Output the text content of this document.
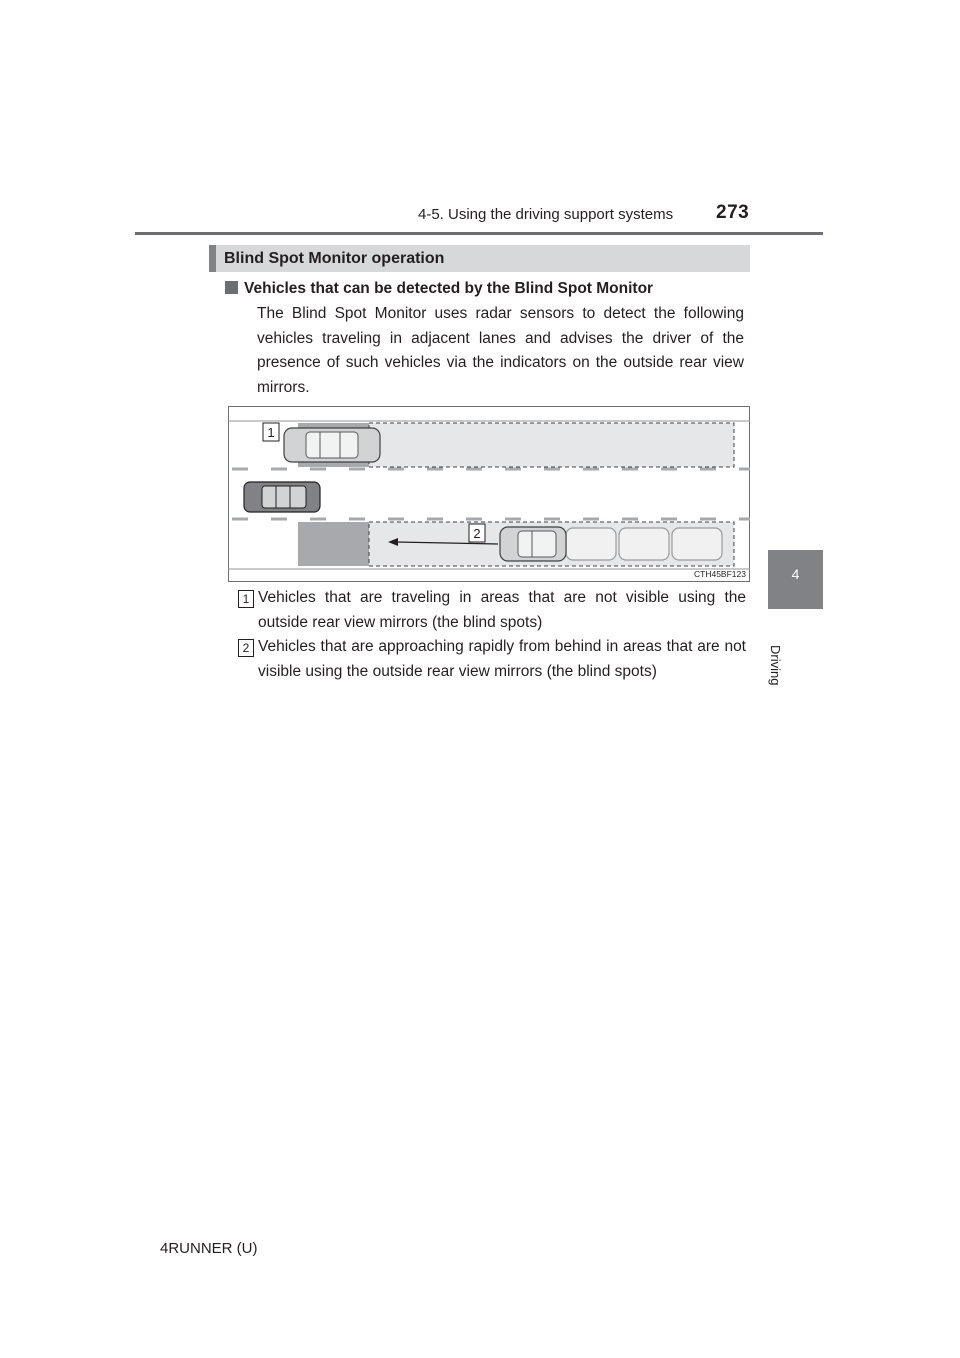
4-5. Using the driving support systems 273
4
Driving
Blind Spot Monitor operation
Vehicles that can be detected by the Blind Spot Monitor
The Blind Spot Monitor uses radar sensors to detect the following vehicles traveling in adjacent lanes and advises the driver of the presence of such vehicles via the indicators on the outside rear view mirrors.
1
2
CTH45BF123
1 Vehicles that are traveling in areas that are not visible using the outside rear view mirrors (the blind spots)
2 Vehicles that are approaching rapidly from behind in areas that are not visible using the outside rear view mirrors (the blind spots)
4RUNNER (U)
